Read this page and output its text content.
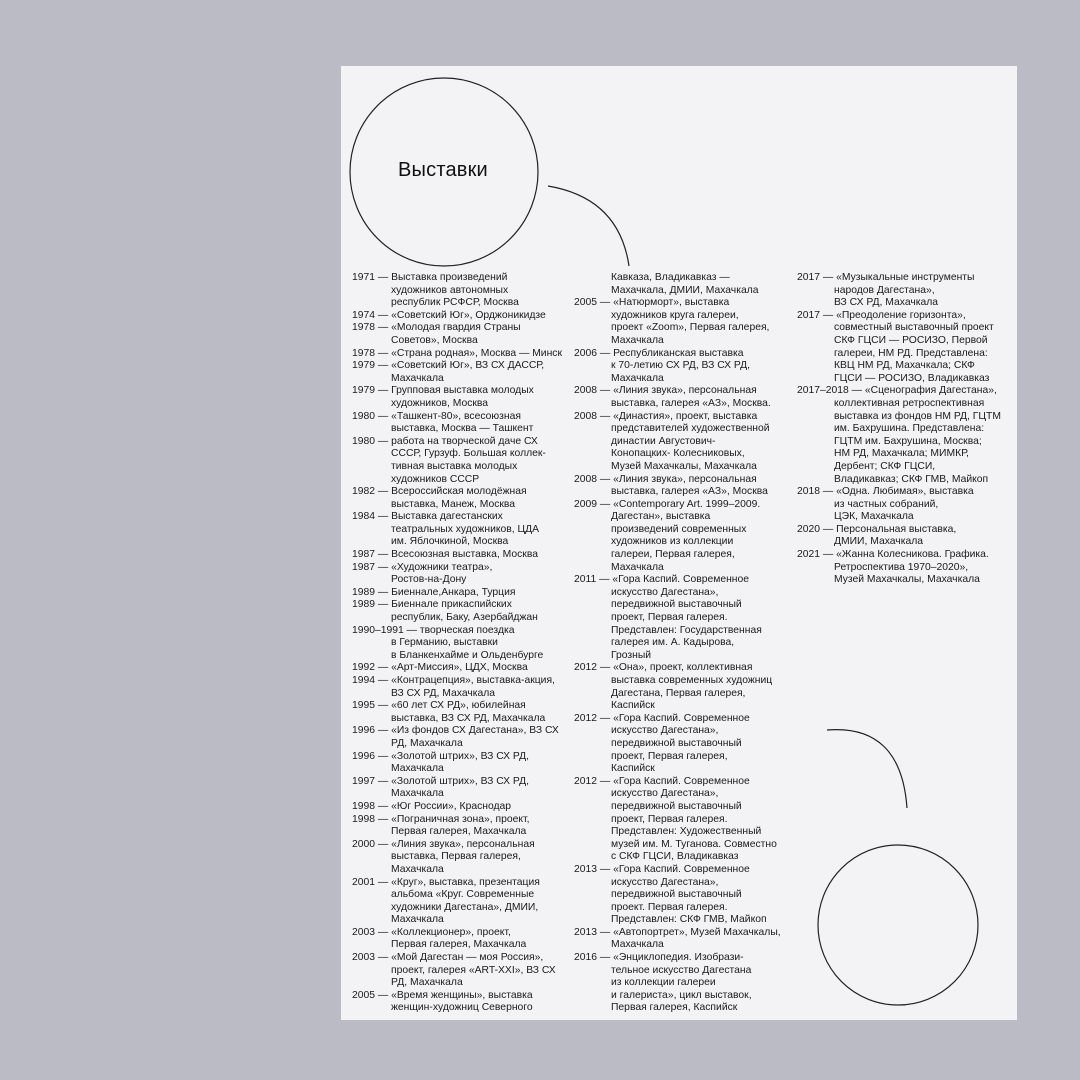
Выставки
1971 — Выставка произведений
художников автономных
республик РСФСР, Москва
1974 — «Советский Юг», Орджоникидзе
1978 — «Молодая гвардия Страны
Советов», Москва
1978 — «Страна родная», Москва — Минск
1979 — «Советский Юг», ВЗ СХ ДАССР,
Махачкала
1979 — Групповая выставка молодых
художников, Москва
1980 — «Ташкент-80», всесоюзная
выставка, Москва — Ташкент
1980 — работа на творческой даче СХ
СССР, Гурзуф. Большая коллек-
тивная выставка молодых
художников СССР
1982 — Всероссийская молодёжная
выставка, Манеж, Москва
1984 — Выставка дагестанских
театральных художников, ЦДА
им. Яблочкиной, Москва
1987 — Всесоюзная выставка, Москва
1987 — «Художники театра»,
Ростов-на-Дону
1989 — Биеннале,Анкара, Турция
1989 — Биеннале прикаспийских
республик, Баку, Азербайджан
1990–1991 — творческая поездка
в Германию, выставки
в Бланкенхайме и Ольденбурге
1992 — «Арт-Миссия», ЦДХ, Москва
1994 — «Контрацепция», выставка-акция,
ВЗ СХ РД, Махачкала
1995 — «60 лет СХ РД», юбилейная
выставка, ВЗ СХ РД, Махачкала
1996 — «Из фондов СХ Дагестана», ВЗ СХ
РД, Махачкала
1996 — «Золотой штрих», ВЗ СХ РД,
Махачкала
1997 — «Золотой штрих», ВЗ СХ РД,
Махачкала
1998 — «Юг России», Краснодар
1998 — «Пограничная зона», проект,
Первая галерея, Махачкала
2000 — «Линия звука», персональная
выставка, Первая галерея,
Махачкала
2001 — «Круг», выставка, презентация
альбома «Круг. Современные
художники Дагестана», ДМИИ,
Махачкала
2003 — «Коллекционер», проект,
Первая галерея, Махачкала
2003 — «Мой Дагестан — моя Россия»,
проект, галерея «ART-XXI», ВЗ СХ
РД, Махачкала
2005 — «Время женщины», выставка
женщин-художниц Северного
Кавказа, Владикавказ —
Махачкала, ДМИИ, Махачкала
2005 — «Натюрморт», выставка
художников круга галереи,
проект «Zoom», Первая галерея,
Махачкала
2006 — Республиканская выставка
к 70-летию СХ РД, ВЗ СХ РД,
Махачкала
2008 — «Линия звука», персональная
выставка, галерея «АЗ», Москва.
2008 — «Династия», проект, выставка
представителей художественной
династии Августович-
Конопацких- Колесниковых,
Музей Махачкалы, Махачкала
2008 — «Линия звука», персональная
выставка, галерея «АЗ», Москва
2009 — «Contemporary Art. 1999–2009.
Дагестан», выставка
произведений современных
художников из коллекции
галереи, Первая галерея,
Махачкала
2011 — «Гора Каспий. Современное
искусство Дагестана»,
передвижной выставочный
проект, Первая галерея.
Представлен: Государственная
галерея им. А. Кадырова,
Грозный
2012 — «Она», проект, коллективная
выставка современных художниц
Дагестана, Первая галерея,
Каспийск
2012 — «Гора Каспий. Современное
искусство Дагестана»,
передвижной выставочный
проект, Первая галерея,
Каспийск
2012 — «Гора Каспий. Современное
искусство Дагестана»,
передвижной выставочный
проект, Первая галерея.
Представлен: Художественный
музей им. М. Туганова. Совместно
с СКФ ГЦСИ, Владикавказ
2013 — «Гора Каспий. Современное
искусство Дагестана»,
передвижной выставочный
проект. Первая галерея.
Представлен: СКФ ГМВ, Майкоп
2013 — «Автопортрет», Музей Махачкалы,
Махачкала
2016 — «Энциклопедия. Изобрази-
тельное искусство Дагестана
из коллекции галереи
и галериста», цикл выставок,
Первая галерея, Каспийск
2017 — «Музыкальные инструменты
народов Дагестана»,
ВЗ СХ РД, Махачкала
2017 — «Преодоление горизонта»,
совместный выставочный проект
СКФ ГЦСИ — РОСИЗО, Первой
галереи, НМ РД. Представлена:
КВЦ НМ РД, Махачкала; СКФ
ГЦСИ — РОСИЗО, Владикавказ
2017–2018 — «Сценография Дагестана»,
коллективная ретроспективная
выставка из фондов НМ РД, ГЦТМ
им. Бахрушина. Представлена:
ГЦТМ им. Бахрушина, Москва;
НМ РД, Махачкала; МИМКР,
Дербент; СКФ ГЦСИ,
Владикавказ; СКФ ГМВ, Майкоп
2018 — «Одна. Любимая», выставка
из частных собраний,
ЦЭК, Махачкала
2020 — Персональная выставка,
ДМИИ, Махачкала
2021 — «Жанна Колесникова. Графика.
Ретроспектива 1970–2020»,
Музей Махачкалы, Махачкала
